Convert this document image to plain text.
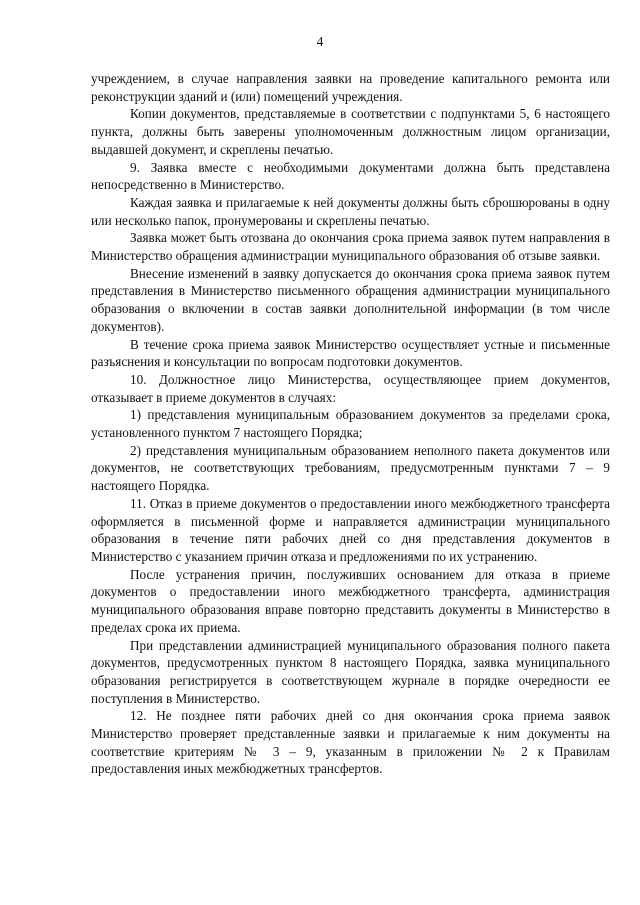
4

учреждением, в случае направления заявки на проведение капитального ремонта или реконструкции зданий и (или) помещений учреждения.

Копии документов, представляемые в соответствии с подпунктами 5, 6 настоящего пункта, должны быть заверены уполномоченным должностным лицом организации, выдавшей документ, и скреплены печатью.

9. Заявка вместе с необходимыми документами должна быть представлена непосредственно в Министерство.

Каждая заявка и прилагаемые к ней документы должны быть сброшюрованы в одну или несколько папок, пронумерованы и скреплены печатью.

Заявка может быть отозвана до окончания срока приема заявок путем направления в Министерство обращения администрации муниципального образования об отзыве заявки.

Внесение изменений в заявку допускается до окончания срока приема заявок путем представления в Министерство письменного обращения администрации муниципального образования о включении в состав заявки дополнительной информации (в том числе документов).

В течение срока приема заявок Министерство осуществляет устные и письменные разъяснения и консультации по вопросам подготовки документов.

10. Должностное лицо Министерства, осуществляющее прием документов, отказывает в приеме документов в случаях:

1) представления муниципальным образованием документов за пределами срока, установленного пунктом 7 настоящего Порядка;

2) представления муниципальным образованием неполного пакета документов или документов, не соответствующих требованиям, предусмотренным пунктами 7 – 9 настоящего Порядка.

11. Отказ в приеме документов о предоставлении иного межбюджетного трансферта оформляется в письменной форме и направляется администрации муниципального образования в течение пяти рабочих дней со дня представления документов в Министерство с указанием причин отказа и предложениями по их устранению.

После устранения причин, послуживших основанием для отказа в приеме документов о предоставлении иного межбюджетного трансферта, администрация муниципального образования вправе повторно представить документы в Министерство в пределах срока их приема.

При представлении администрацией муниципального образования полного пакета документов, предусмотренных пунктом 8 настоящего Порядка, заявка муниципального образования регистрируется в соответствующем журнале в порядке очередности ее поступления в Министерство.

12. Не позднее пяти рабочих дней со дня окончания срока приема заявок Министерство проверяет представленные заявки и прилагаемые к ним документы на соответствие критериям № 3 – 9, указанным в приложении № 2 к Правилам предоставления иных межбюджетных трансфертов.
